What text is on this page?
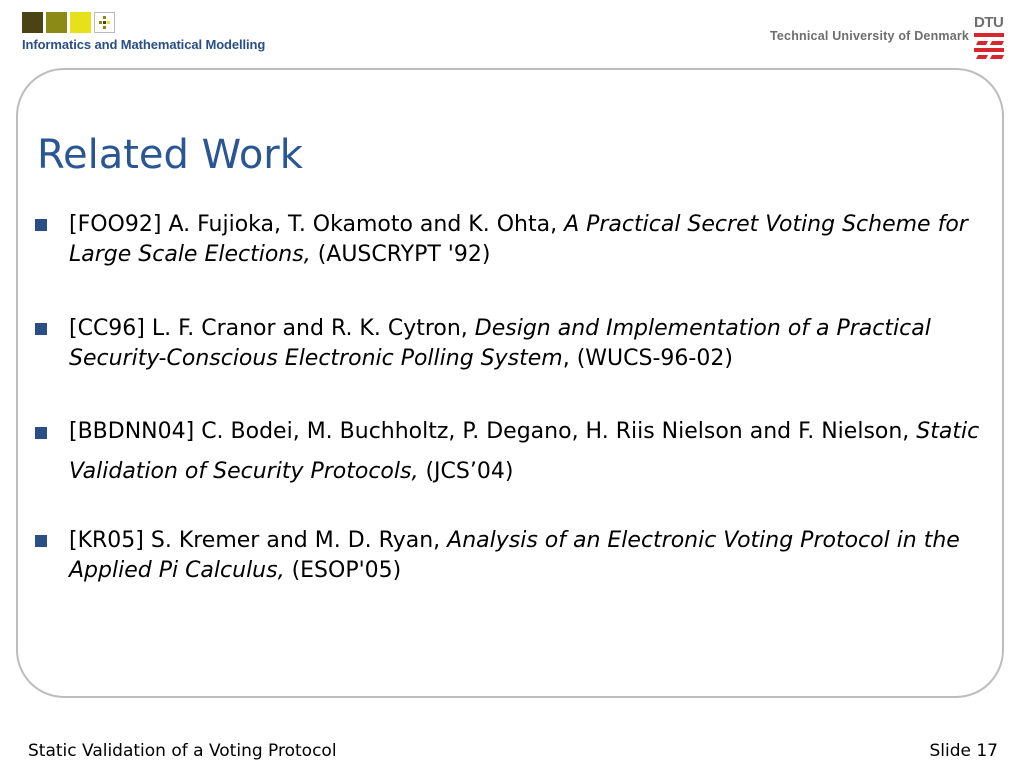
Informatics and Mathematical Modelling
Technical University of Denmark
DTU
Related Work
[FOO92] A. Fujioka, T. Okamoto and K. Ohta, A Practical Secret Voting Scheme for Large Scale Elections, (AUSCRYPT '92)
[CC96] L. F. Cranor and R. K. Cytron, Design and Implementation of a Practical Security-Conscious Electronic Polling System, (WUCS-96-02)
[BBDNN04] C. Bodei, M. Buchholtz, P. Degano, H. Riis Nielson and F. Nielson, Static Validation of Security Protocols, (JCS’04)
[KR05] S. Kremer and M. D. Ryan, Analysis of an Electronic Voting Protocol in the Applied Pi Calculus, (ESOP'05)
Static Validation of a Voting Protocol	Slide 17
